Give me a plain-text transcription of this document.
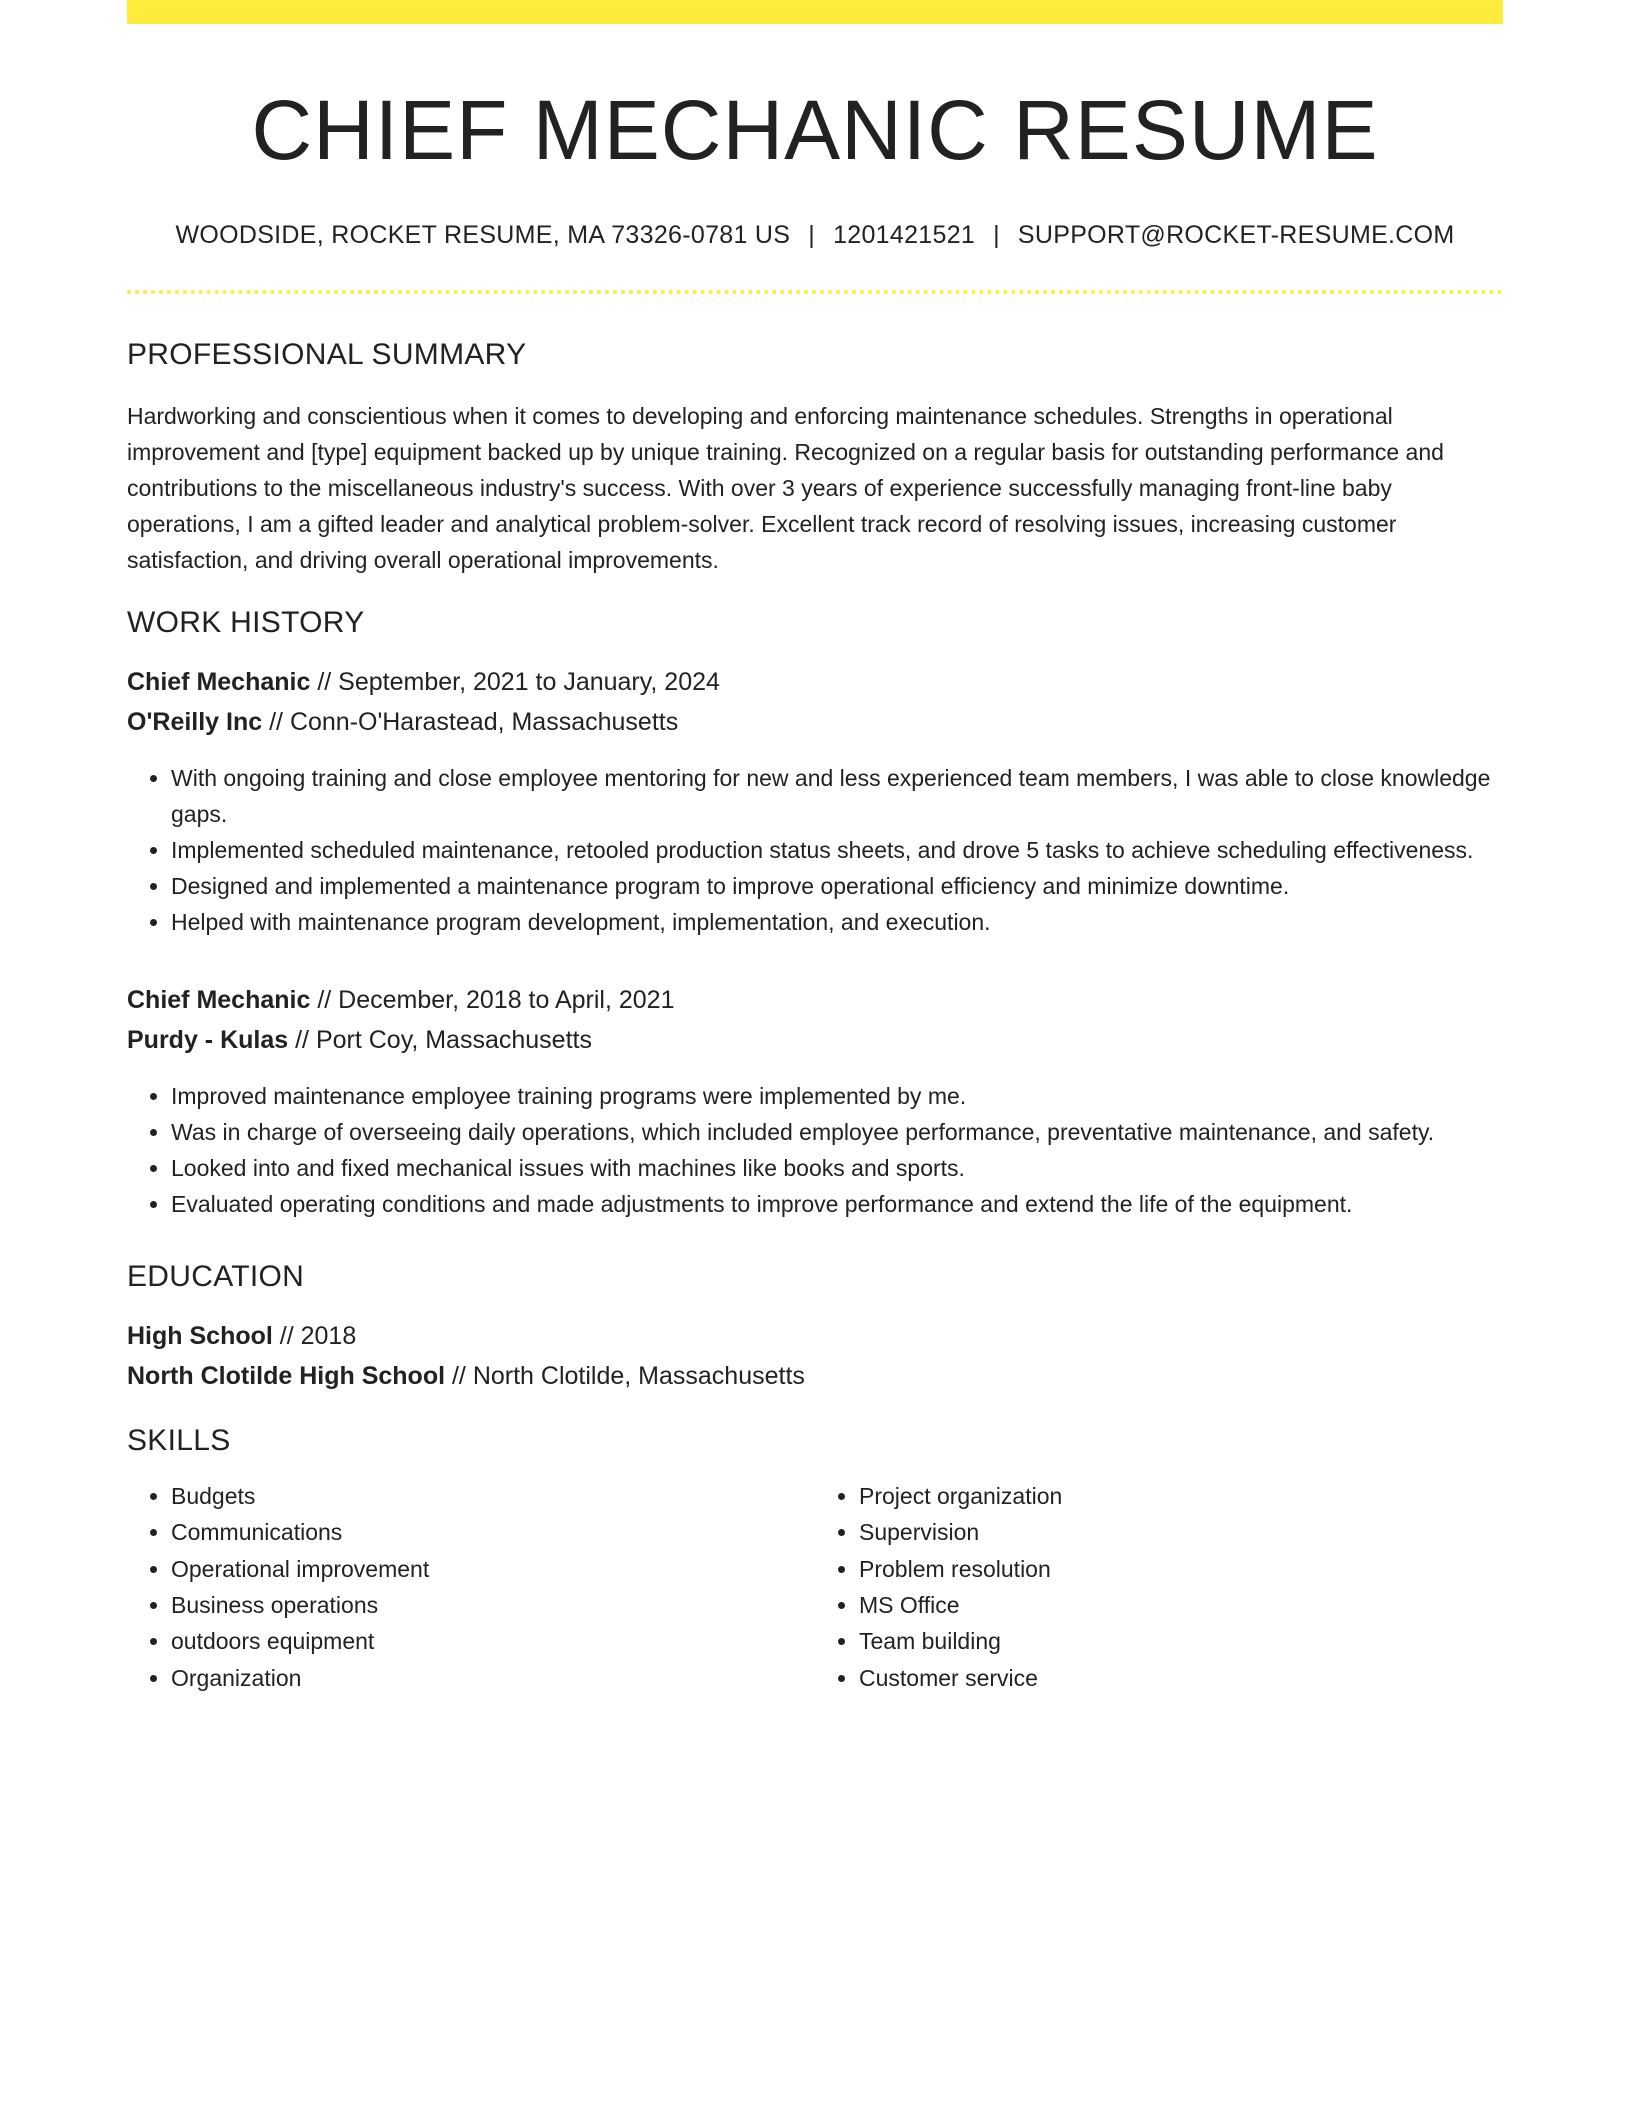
CHIEF MECHANIC RESUME
WOODSIDE, ROCKET RESUME, MA 73326-0781 US | 1201421521 | SUPPORT@ROCKET-RESUME.COM
PROFESSIONAL SUMMARY

Hardworking and conscientious when it comes to developing and enforcing maintenance schedules. Strengths in operational improvement and [type] equipment backed up by unique training. Recognized on a regular basis for outstanding performance and contributions to the miscellaneous industry's success. With over 3 years of experience successfully managing front-line baby operations, I am a gifted leader and analytical problem-solver. Excellent track record of resolving issues, increasing customer satisfaction, and driving overall operational improvements.

WORK HISTORY
Chief Mechanic // September, 2021 to January, 2024
O'Reilly Inc // Conn-O'Harastead, Massachusetts
• With ongoing training and close employee mentoring for new and less experienced team members, I was able to close knowledge gaps.
• Implemented scheduled maintenance, retooled production status sheets, and drove 5 tasks to achieve scheduling effectiveness.
• Designed and implemented a maintenance program to improve operational efficiency and minimize downtime.
• Helped with maintenance program development, implementation, and execution.
Chief Mechanic // December, 2018 to April, 2021
Purdy - Kulas // Port Coy, Massachusetts
• Improved maintenance employee training programs were implemented by me.
• Was in charge of overseeing daily operations, which included employee performance, preventative maintenance, and safety.
• Looked into and fixed mechanical issues with machines like books and sports.
• Evaluated operating conditions and made adjustments to improve performance and extend the life of the equipment.
EDUCATION
High School // 2018
North Clotilde High School // North Clotilde, Massachusetts
SKILLS
• Budgets
• Communications
• Operational improvement
• Business operations
• outdoors equipment
• Organization
• Project organization
• Supervision
• Problem resolution
• MS Office
• Team building
• Customer service
